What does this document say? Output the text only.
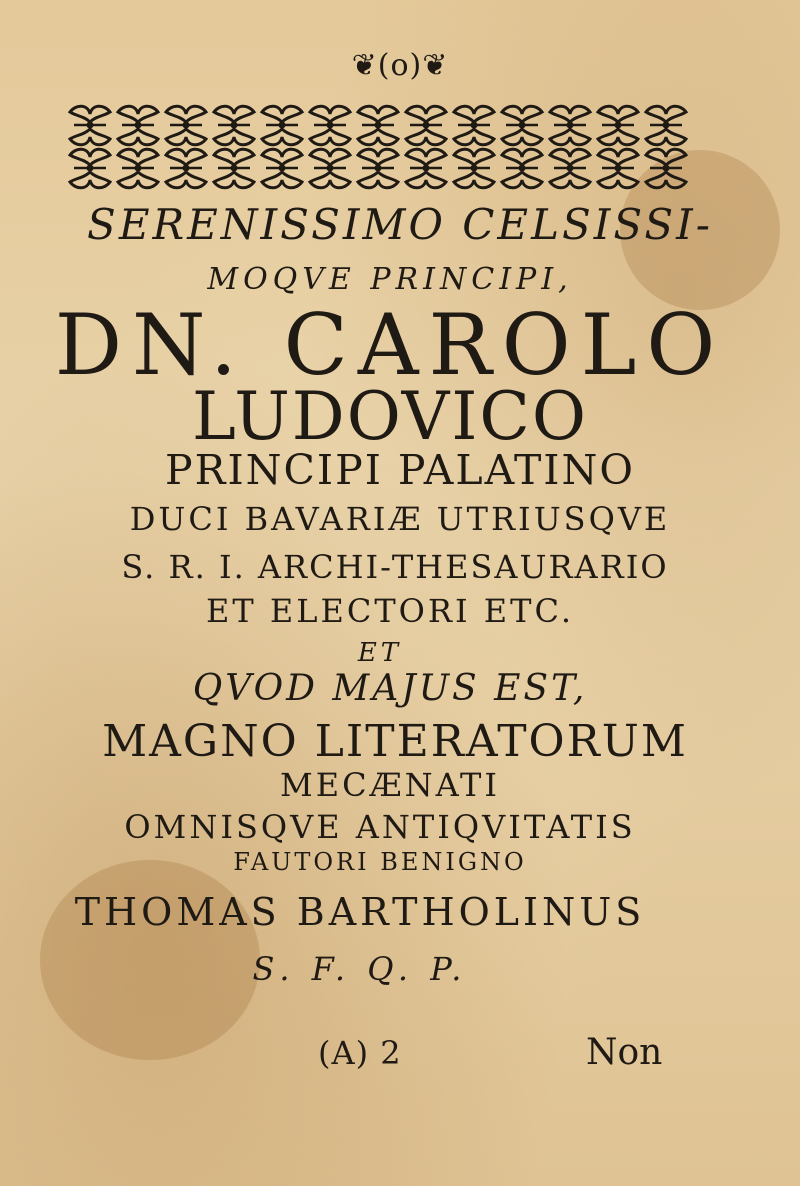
❦(o)❦
SERENISSIMO CELSISSI-
MOQVE PRINCIPI,
DN. CAROLO
LUDOVICO
PRINCIPI PALATINO
DUCI BAVARIÆ UTRIUSQVE
S. R. I. ARCHI-THESAURARIO
ET ELECTORI ETC.
ET
QVOD MAJUS EST,
MAGNO LITERATORUM
MECÆNATI
OMNISQVE ANTIQVITATIS
FAUTORI BENIGNO
THOMAS BARTHOLINUS
S. F. Q. P.
(A) 2	Non
